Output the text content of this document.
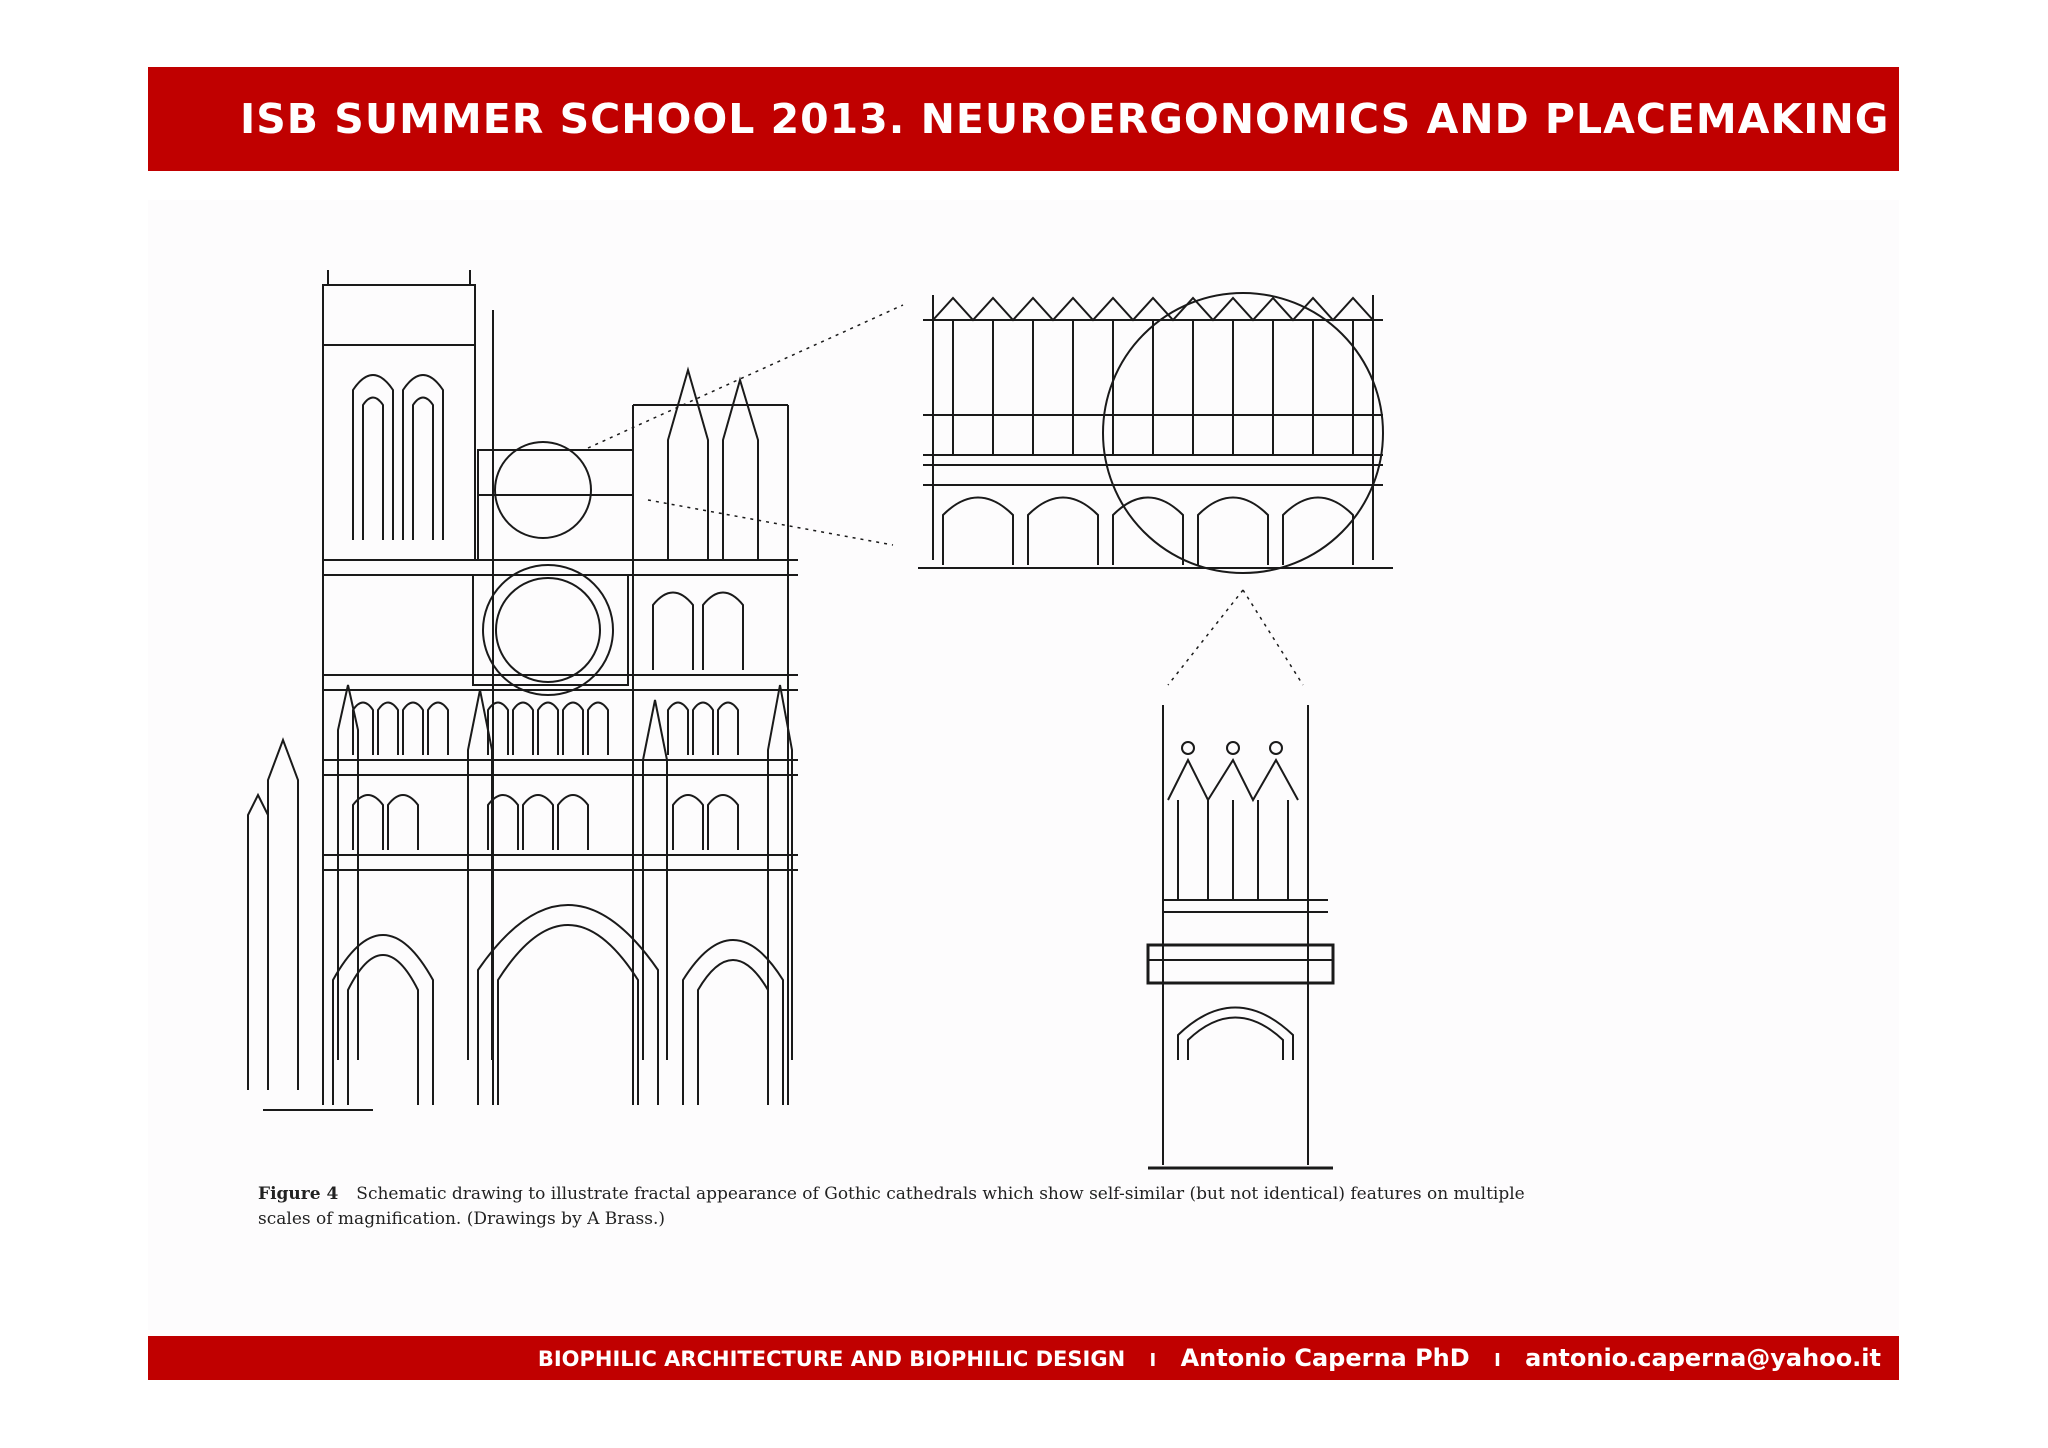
ISB SUMMER SCHOOL 2013. NEUROERGONOMICS AND PLACEMAKING
Figure 4 Schematic drawing to illustrate fractal appearance of Gothic cathedrals which show self-similar (but not identical) features on multiple scales of magnification. (Drawings by A Brass.)
BIOPHILIC ARCHITECTURE AND BIOPHILIC DESIGN I Antonio Caperna PhD I antonio.caperna@yahoo.it
